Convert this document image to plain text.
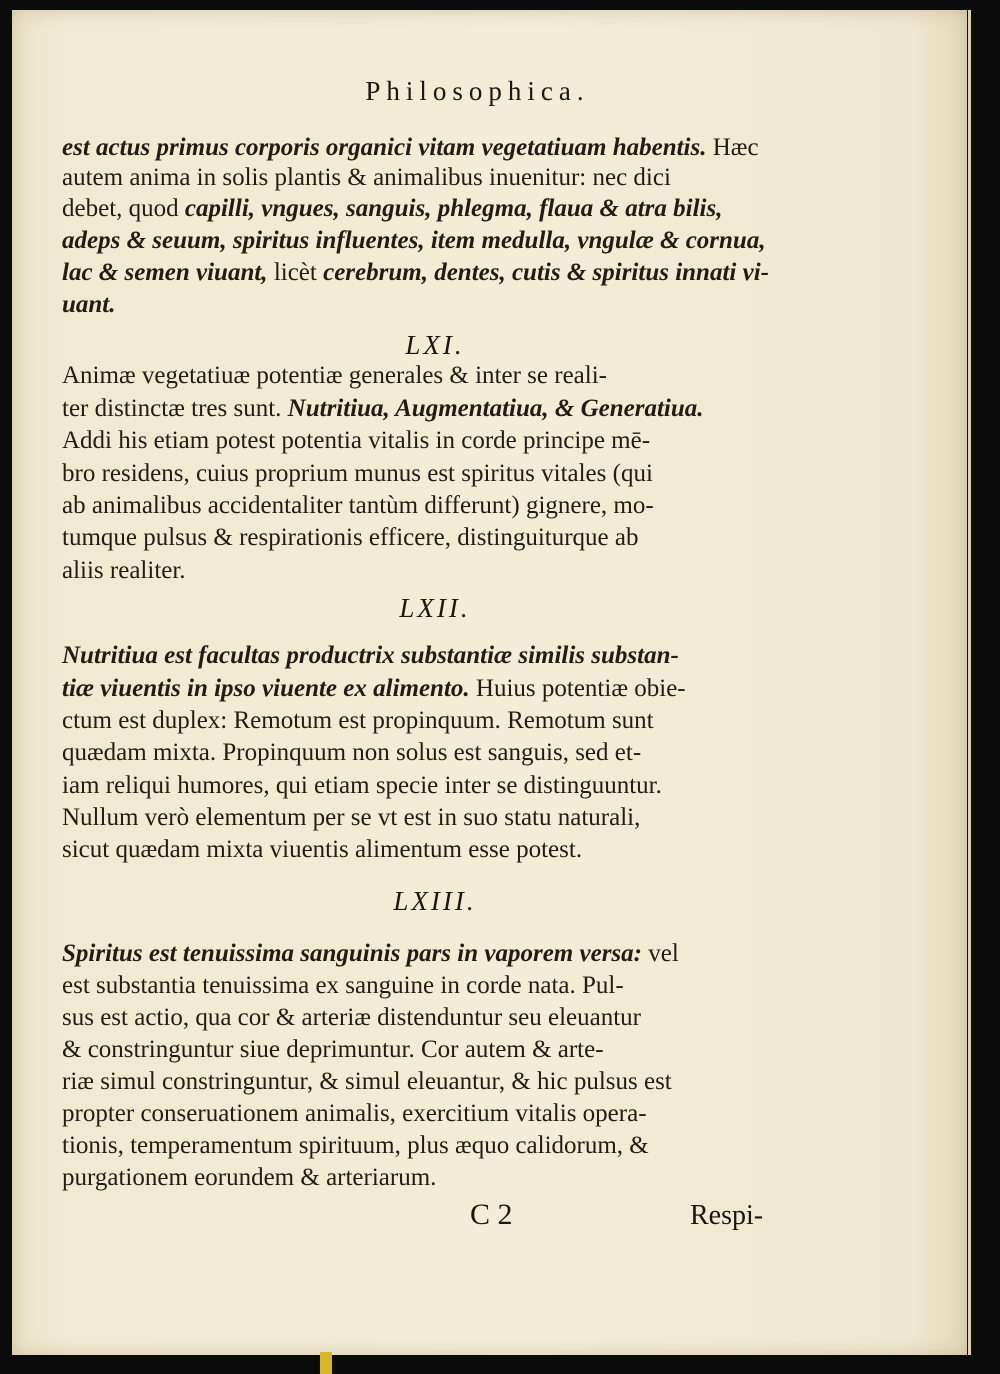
Philosophica.
LXI.
LXII.
LXIII.
est actus primus corporis organici vitam vegetatiuam habentis. Hæc
autem anima in solis plantis & animalibus inuenitur: nec dici
debet, quod capilli, vngues, sanguis, phlegma, flaua & atra bilis,
adeps & seuum, spiritus influentes, item medulla, vngulæ & cornua,
lac & semen viuant, licèt cerebrum, dentes, cutis & spiritus innati vi-
uant.
Animæ vegetatiuæ potentiæ generales & inter se reali-
ter distinctæ tres sunt. Nutritiua, Augmentatiua, & Generatiua.
Addi his etiam potest potentia vitalis in corde principe mē-
bro residens, cuius proprium munus est spiritus vitales (qui
ab animalibus accidentaliter tantùm differunt) gignere, mo-
tumque pulsus & respirationis efficere, distinguiturque ab
aliis realiter.
Nutritiua est facultas productrix substantiæ similis substan-
tiæ viuentis in ipso viuente ex alimento. Huius potentiæ obie-
ctum est duplex: Remotum est propinquum. Remotum sunt
quædam mixta. Propinquum non solus est sanguis, sed et-
iam reliqui humores, qui etiam specie inter se distinguuntur.
Nullum verò elementum per se vt est in suo statu naturali,
sicut quædam mixta viuentis alimentum esse potest.
Spiritus est tenuissima sanguinis pars in vaporem versa: vel
est substantia tenuissima ex sanguine in corde nata. Pul-
sus est actio, qua cor & arteriæ distenduntur seu eleuantur
& constringuntur siue deprimuntur. Cor autem & arte-
riæ simul constringuntur, & simul eleuantur, & hic pulsus est
propter conseruationem animalis, exercitium vitalis opera-
tionis, temperamentum spirituum, plus æquo calidorum, &
purgationem eorundem & arteriarum.
C 2	Respi-
